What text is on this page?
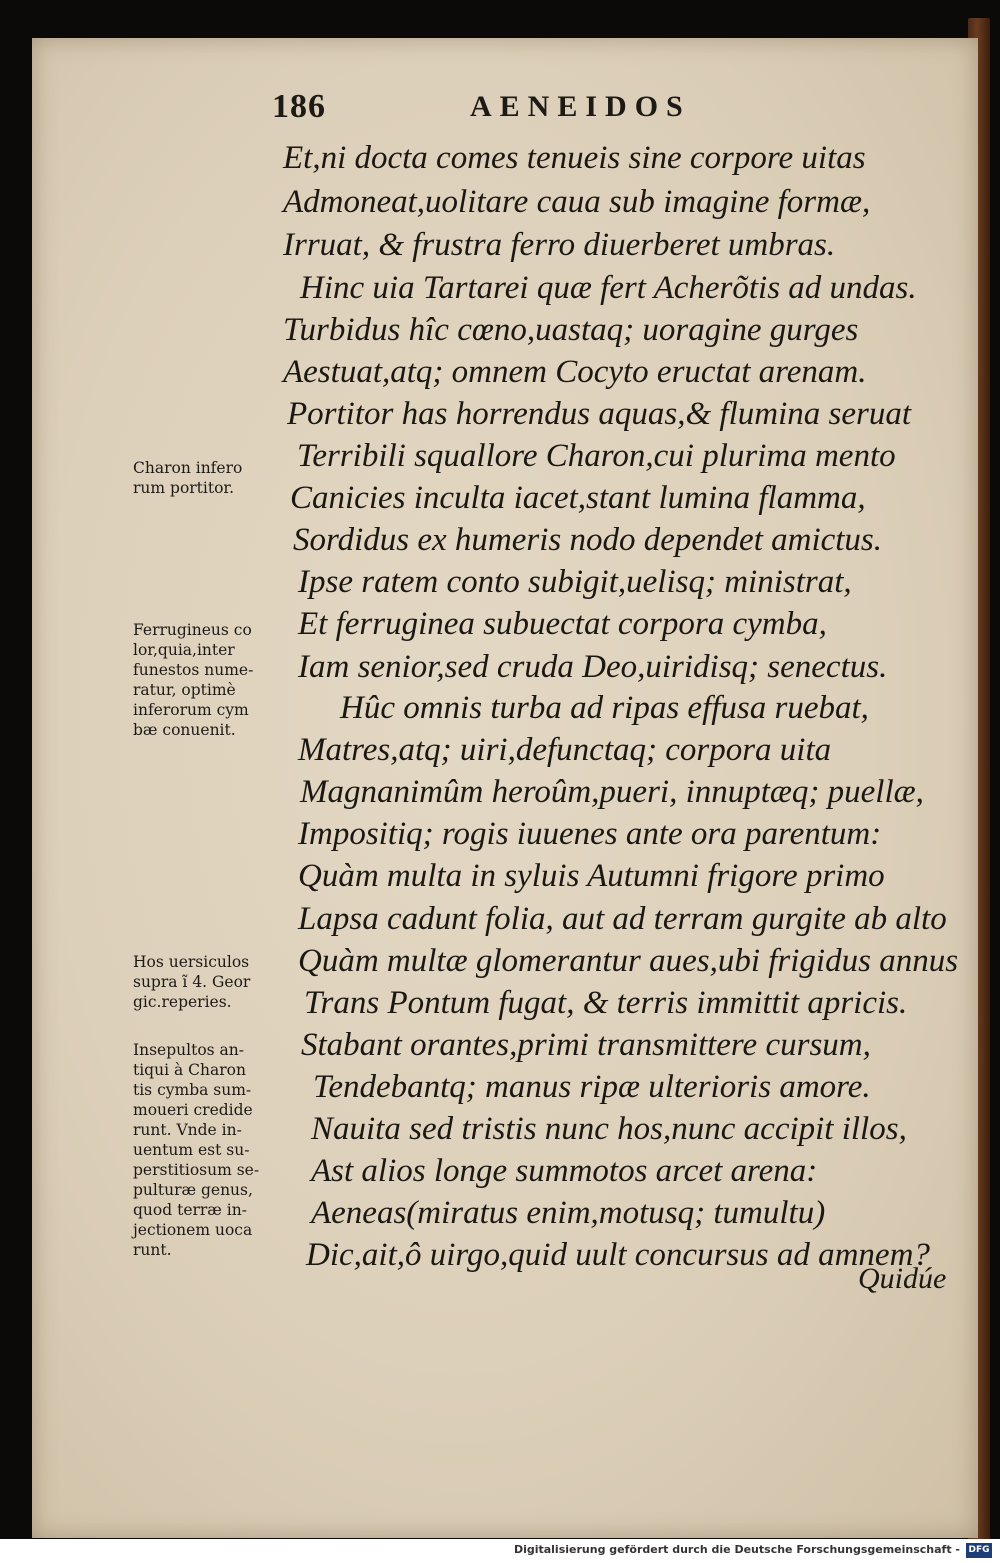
186	AENEIDOS
Et,ni docta comes tenueis sine corpore uitas
Admoneat,uolitare caua sub imagine formæ,
Irruat, & frustra ferro diuerberet umbras.
Hinc uia Tartarei quæ fert Acherõtis ad undas.
Turbidus hîc cœno,uastaq; uoragine gurges
Aestuat,atq; omnem Cocyto eructat arenam.
Portitor has horrendus aquas,& flumina seruat
Terribili squallore Charon,cui plurima mento
Canicies inculta iacet,stant lumina flamma,
Sordidus ex humeris nodo dependet amictus.
Ipse ratem conto subigit,uelisq; ministrat,
Et ferruginea subuectat corpora cymba,
Iam senior,sed cruda Deo,uiridisq; senectus.
Hûc omnis turba ad ripas effusa ruebat,
Matres,atq; uiri,defunctaq; corpora uita
Magnanimûm heroûm,pueri, innuptæq; puellæ,
Impositiq; rogis iuuenes ante ora parentum:
Quàm multa in syluis Autumni frigore primo
Lapsa cadunt folia, aut ad terram gurgite ab alto
Quàm multæ glomerantur aues,ubi frigidus annus
Trans Pontum fugat, & terris immittit apricis.
Stabant orantes,primi transmittere cursum,
Tendebantq; manus ripæ ulterioris amore.
Nauita sed tristis nunc hos,nunc accipit illos,
Ast alios longe summotos arcet arena:
Aeneas(miratus enim,motusq; tumultu)
Dic,ait,ô uirgo,quid uult concursus ad amnem?
Quidúe

Charon infero

rum portitor.

Ferrugineus co

lor,quia,inter

funestos nume-

ratur, optimè

inferorum cym

bæ conuenit.

Hos uersiculos

supra ĩ 4. Geor

gic.reperies.

Insepultos an-

tiqui à Charon

tis cymba sum-

moueri credide

runt. Vnde in-

uentum est su-

perstitiosum se-

pulturæ genus,

quod terræ in-

jectionem uoca

runt.

Digitalisierung gefördert durch die Deutsche Forschungsgemeinschaft - DFG
